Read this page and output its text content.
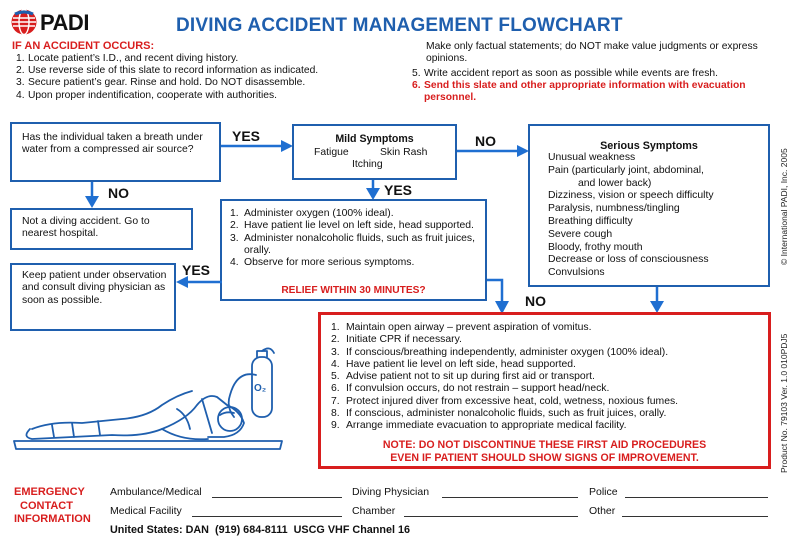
PADI	DIVING ACCIDENT MANAGEMENT FLOWCHART
IF AN ACCIDENT OCCURS:
1. Locate patient’s I.D., and recent diving history.
2. Use reverse side of this slate to record information as indicated.
3. Secure patient’s gear. Rinse and hold. Do NOT disassemble.
4. Upon proper indentification, cooperate with authorities.
Make only factual statements; do NOT make value judgments or express opinions.
5. Write accident report as soon as possible while events are fresh.
6. Send this slate and other appropriate information with evacuation personnel.
Has the individual taken a breath under water from a compressed air source?
YES
NO
Not a diving accident. Go to nearest hospital.
Mild Symptoms
Fatigue	Skin Rash
Itching
NO
YES
Serious Symptoms
Unusual weakness
Pain (particularly joint, abdominal,
and lower back)
Dizziness, vision or speech difficulty
Paralysis, numbness/tingling
Breathing difficulty
Severe cough
Bloody, frothy mouth
Decrease or loss of consciousness
Convulsions
1. Administer oxygen (100% ideal).
2. Have patient lie level on left side, head supported.
3. Administer nonalcoholic fluids, such as fruit juices, orally.
4. Observe for more serious symptoms.
RELIEF WITHIN 30 MINUTES?
YES
Keep patient under observation and consult diving physician as soon as possible.	NO
1. Maintain open airway – prevent aspiration of vomitus.
2. Initiate CPR if necessary.
3. If conscious/breathing independently, administer oxygen (100% ideal).
4. Have patient lie level on left side, head supported.
5. Advise patient not to sit up during first aid or transport.
6. If convulsion occurs, do not restrain – support head/neck.
7. Protect injured diver from excessive heat, cold, wetness, noxious fumes.
8. If conscious, administer nonalcoholic fluids, such as fruit juices, orally.
9. Arrange immediate evacuation to appropriate medical facility.
NOTE: DO NOT DISCONTINUE THESE FIRST AID PROCEDURES
EVEN IF PATIENT SHOULD SHOW SIGNS OF IMPROVEMENT.
O₂
© International PADI, Inc. 2005
Product No. 79103 Ver. 1.0 010PDJ5
EMERGENCY
CONTACT
INFORMATION
Ambulance/Medical	Diving Physician	Police
Medical Facility	Chamber	Other
United States: DAN  (919) 684-8111  USCG VHF Channel 16
